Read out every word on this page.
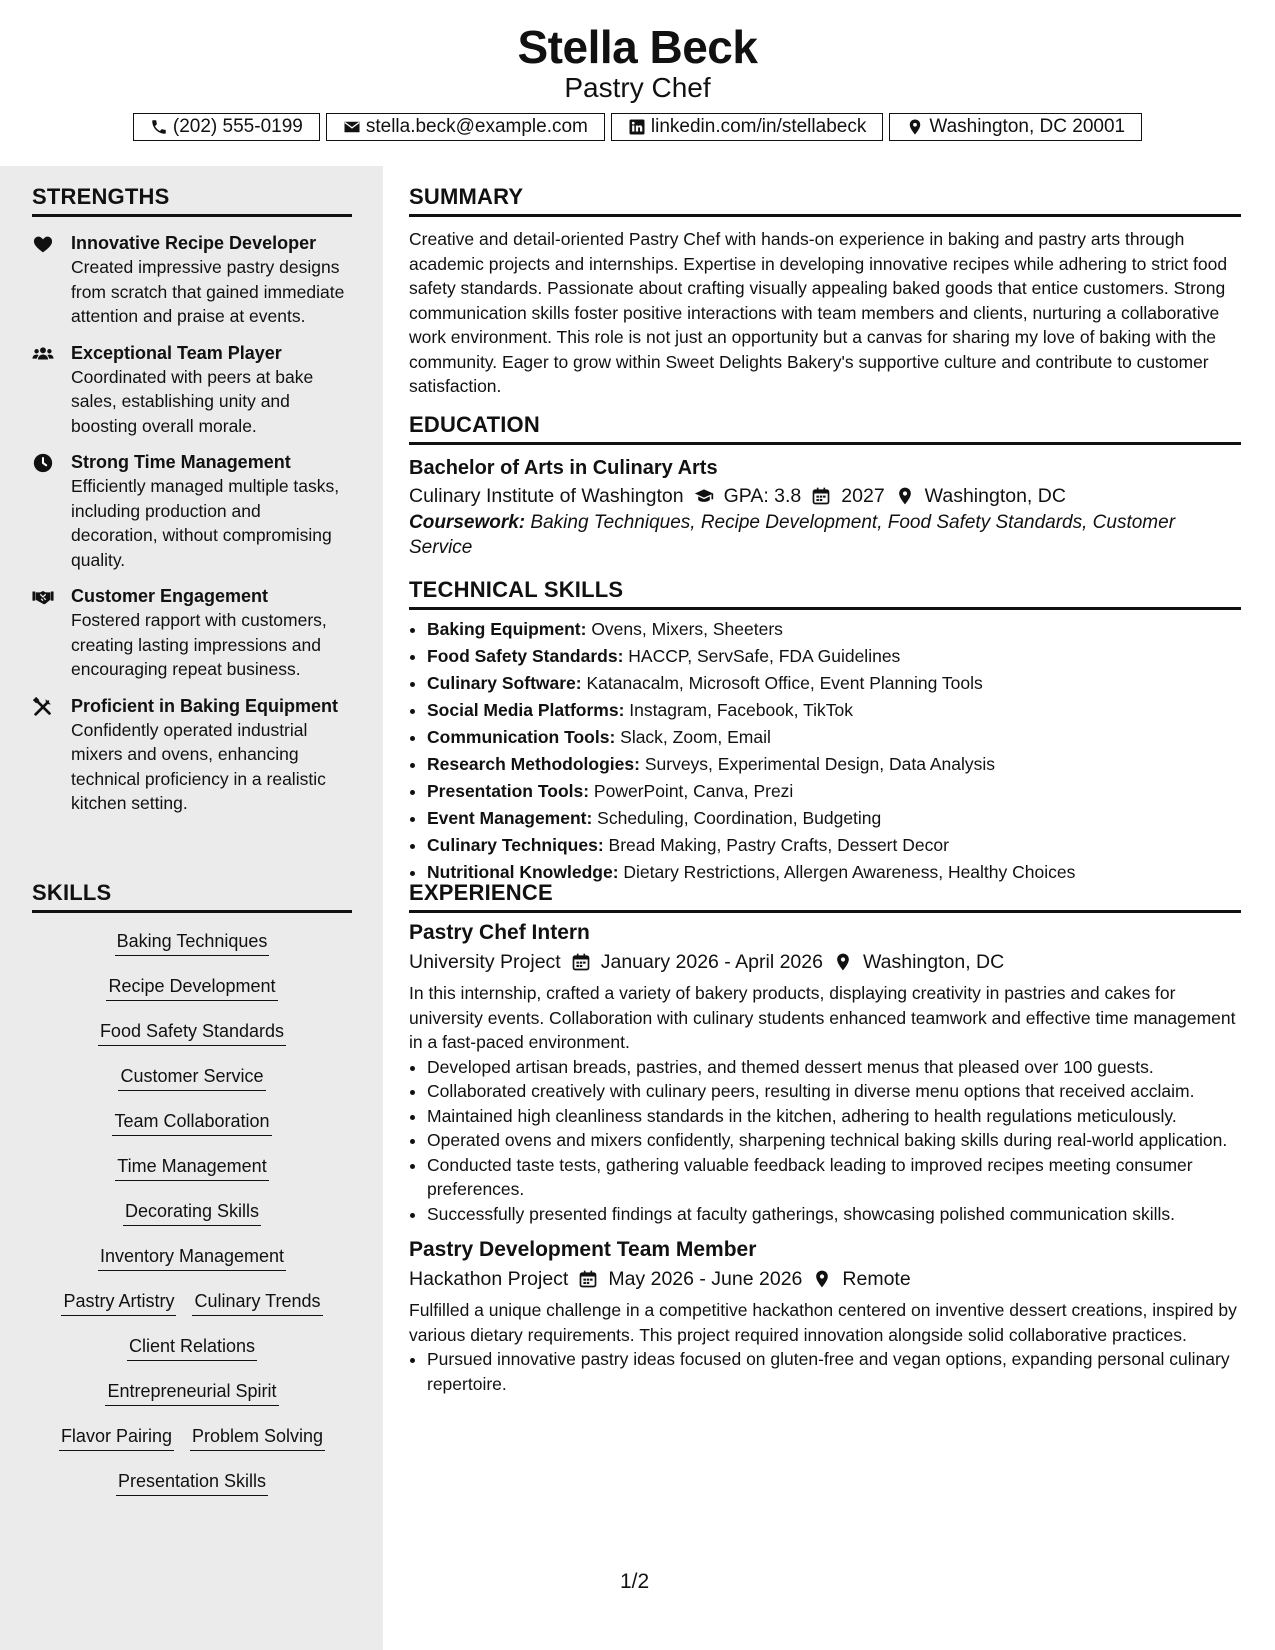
Stella Beck
Pastry Chef
(202) 555-0199	stella.beck@example.com	linkedin.com/in/stellabeck	Washington, DC 20001
STRENGTHS
Innovative Recipe Developer
Created impressive pastry designs from scratch that gained immediate attention and praise at events.
Exceptional Team Player
Coordinated with peers at bake sales, establishing unity and boosting overall morale.
Strong Time Management
Efficiently managed multiple tasks, including production and decoration, without compromising quality.
Customer Engagement
Fostered rapport with customers, creating lasting impressions and encouraging repeat business.
Proficient in Baking Equipment
Confidently operated industrial mixers and ovens, enhancing technical proficiency in a realistic kitchen setting.
SKILLS
Baking Techniques
Recipe Development
Food Safety Standards
Customer Service
Team Collaboration
Time Management
Decorating Skills
Inventory Management
Pastry Artistry Culinary Trends
Client Relations
Entrepreneurial Spirit
Flavor Pairing Problem Solving
Presentation Skills
SUMMARY

Creative and detail-oriented Pastry Chef with hands-on experience in baking and pastry arts through academic projects and internships. Expertise in developing innovative recipes while adhering to strict food safety standards. Passionate about crafting visually appealing baked goods that entice customers. Strong communication skills foster positive interactions with team members and clients, nurturing a collaborative work environment. This role is not just an opportunity but a canvas for sharing my love of baking with the community. Eager to grow within Sweet Delights Bakery's supportive culture and contribute to customer satisfaction.

EDUCATION
Bachelor of Arts in Culinary Arts
Culinary Institute of Washington GPA: 3.8 2027 Washington, DC
Coursework: Baking Techniques, Recipe Development, Food Safety Standards, Customer Service
TECHNICAL SKILLS
• Baking Equipment: Ovens, Mixers, Sheeters
• Food Safety Standards: HACCP, ServSafe, FDA Guidelines
• Culinary Software: Katanacalm, Microsoft Office, Event Planning Tools
• Social Media Platforms: Instagram, Facebook, TikTok
• Communication Tools: Slack, Zoom, Email
• Research Methodologies: Surveys, Experimental Design, Data Analysis
• Presentation Tools: PowerPoint, Canva, Prezi
• Event Management: Scheduling, Coordination, Budgeting
• Culinary Techniques: Bread Making, Pastry Crafts, Dessert Decor
• Nutritional Knowledge: Dietary Restrictions, Allergen Awareness, Healthy Choices
EXPERIENCE
Pastry Chef Intern
University Project January 2026 - April 2026 Washington, DC

In this internship, crafted a variety of bakery products, displaying creativity in pastries and cakes for university events. Collaboration with culinary students enhanced teamwork and effective time management in a fast-paced environment.

• Developed artisan breads, pastries, and themed dessert menus that pleased over 100 guests.
• Collaborated creatively with culinary peers, resulting in diverse menu options that received acclaim.
• Maintained high cleanliness standards in the kitchen, adhering to health regulations meticulously.
• Operated ovens and mixers confidently, sharpening technical baking skills during real-world application.
• Conducted taste tests, gathering valuable feedback leading to improved recipes meeting consumer preferences.
• Successfully presented findings at faculty gatherings, showcasing polished communication skills.
Pastry Development Team Member
Hackathon Project May 2026 - June 2026 Remote

Fulfilled a unique challenge in a competitive hackathon centered on inventive dessert creations, inspired by various dietary requirements. This project required innovation alongside solid collaborative practices.

• Pursued innovative pastry ideas focused on gluten-free and vegan options, expanding personal culinary repertoire.
1/2
